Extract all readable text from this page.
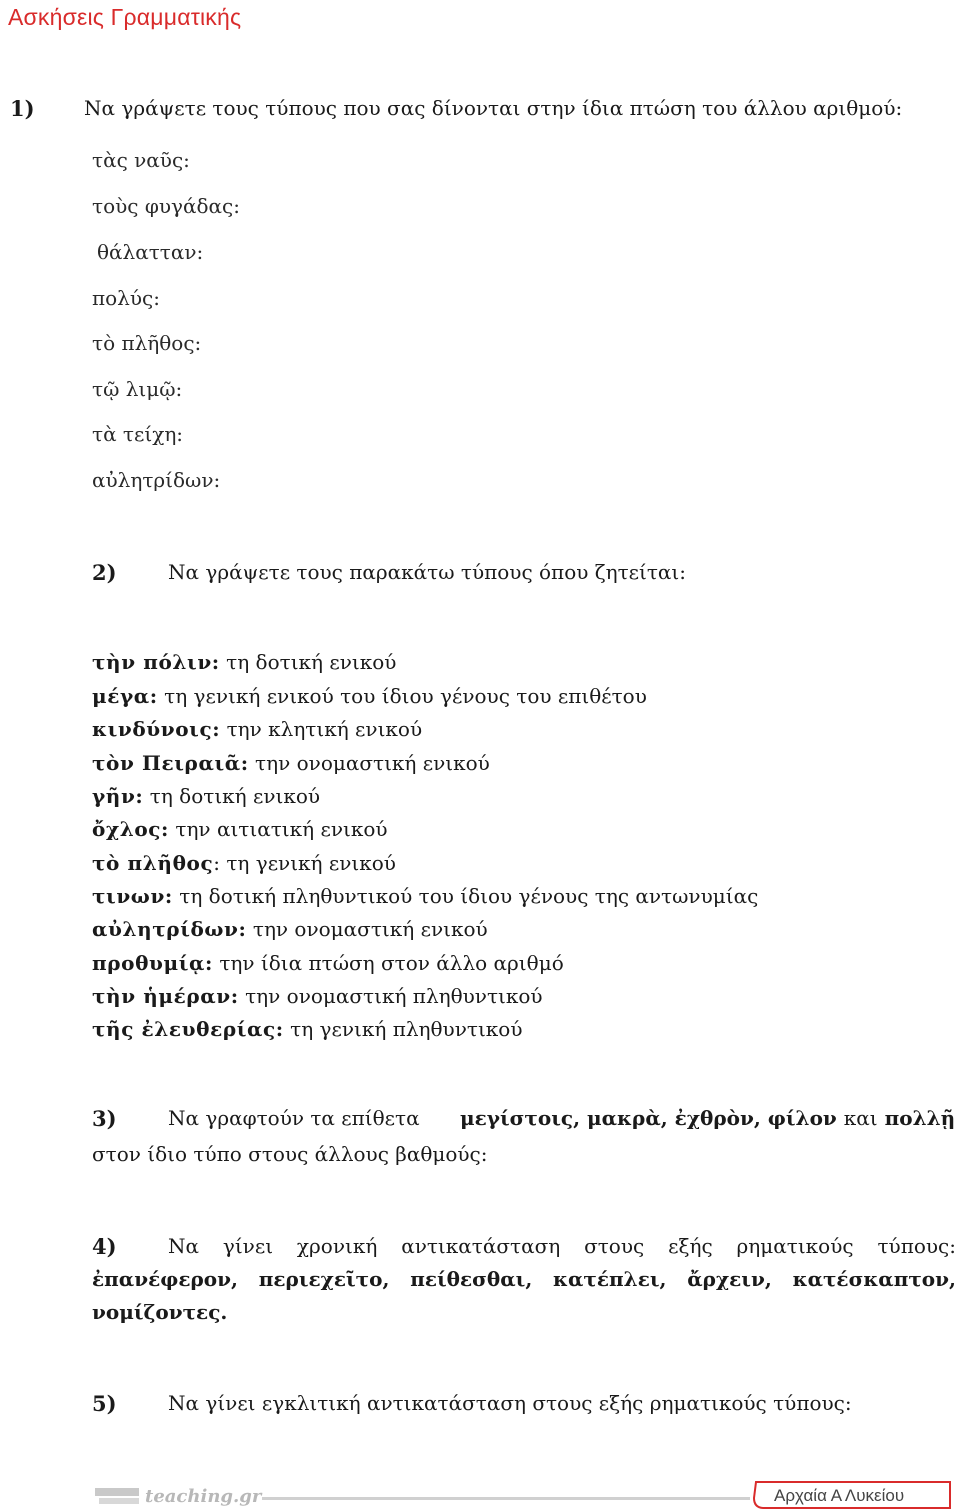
Ασκήσεις Γραμματικής
1) Να γράψετε τους τύπους που σας δίνονται στην ίδια πτώση του άλλου αριθμού:
τὰς ναῦς:
τοὺς φυγάδας:
θάλατταν:
πολύς:
τὸ πλῆθος:
τῷ λιμῷ:
τὰ τείχη:
αὐλητρίδων:
2)	Να γράψετε τους παρακάτω τύπους όπου ζητείται:
τὴν πόλιν: τη δοτική ενικού
μέγα: τη γενική ενικού του ίδιου γένους του επιθέτου
κινδύνοις: την κλητική ενικού
τὸν Πειραιᾶ: την ονομαστική ενικού
γῆν: τη δοτική ενικού
ὄχλος: την αιτιατική ενικού
τὸ πλῆθος: τη γενική ενικού
τινων: τη δοτική πληθυντικού του ίδιου γένους της αντωνυμίας
αὐλητρίδων: την ονομαστική ενικού
προθυμίᾳ: την ίδια πτώση στον άλλο αριθμό
τὴν ἡμέραν: την ονομαστική πληθυντικού
τῆς ἐλευθερίας: τη γενική πληθυντικού
3)	Να γραφτούν τα επίθετα μεγίστοις, μακρὰ, ἐχθρὸν, φίλον και πολλῇ
στον ίδιο τύπο στους άλλους βαθμούς:
4)	Να γίνει χρονική αντικατάσταση στους εξής ρηματικούς τύπους:
ἐπανέφερον, περιεχεῖτο, πείθεσθαι, κατέπλει, ἄρχειν, κατέσκαπτον,
νομίζοντες.
5)	Να γίνει εγκλιτική αντικατάσταση στους εξής ρηματικούς τύπους:
teaching.gr	Αρχαία Α Λυκείου
